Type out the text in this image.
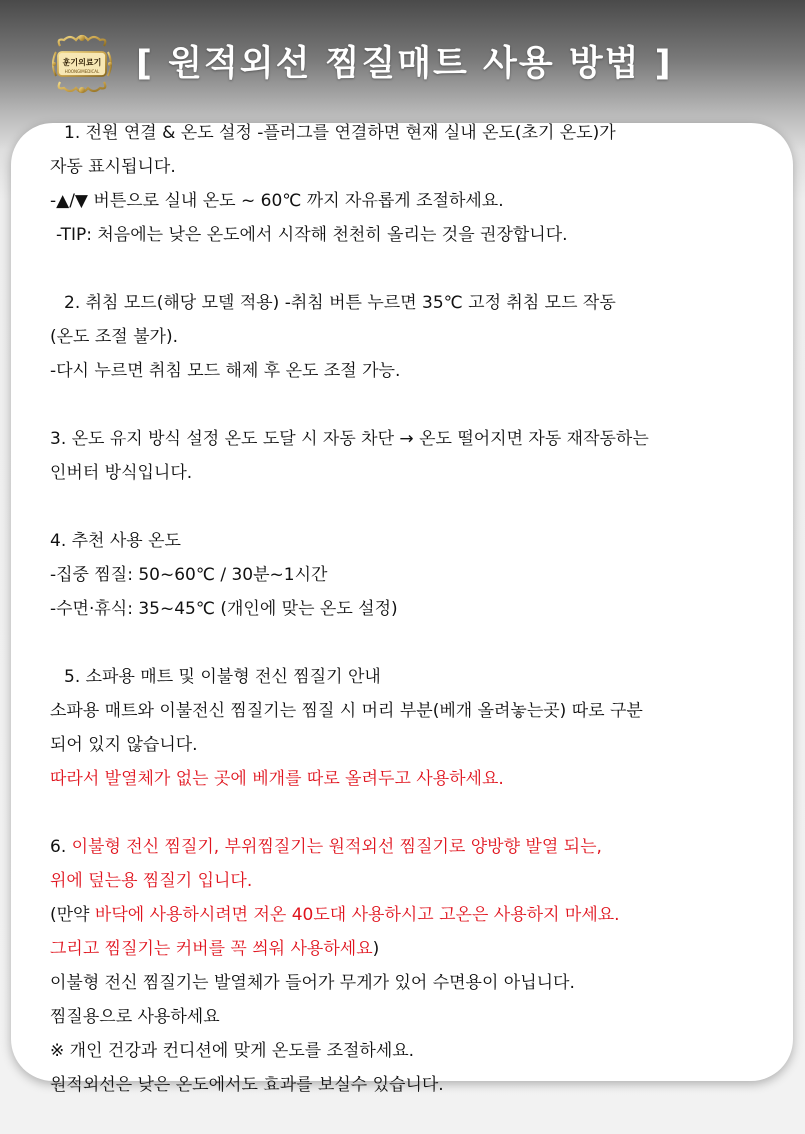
훈기의료기
HOONGIMEDICAL	[ 원적외선 찜질매트 사용 방법 ]
1. 전원 연결 & 온도 설정 -플러그를 연결하면 현재 실내 온도(초기 온도)가
자동 표시됩니다.
-▲/▼ 버튼으로 실내 온도 ~ 60℃ 까지 자유롭게 조절하세요.
-TIP: 처음에는 낮은 온도에서 시작해 천천히 올리는 것을 권장합니다.
2. 취침 모드(해당 모델 적용) -취침 버튼 누르면 35℃ 고정 취침 모드 작동
(온도 조절 불가).
-다시 누르면 취침 모드 해제 후 온도 조절 가능.
3. 온도 유지 방식 설정 온도 도달 시 자동 차단 → 온도 떨어지면 자동 재작동하는
인버터 방식입니다.
4. 추천 사용 온도
-집중 찜질: 50~60℃ / 30분~1시간
-수면·휴식: 35~45℃ (개인에 맞는 온도 설정)
5. 소파용 매트 및 이불형 전신 찜질기 안내
소파용 매트와 이불전신 찜질기는 찜질 시 머리 부분(베개 올려놓는곳) 따로 구분
되어 있지 않습니다.
따라서 발열체가 없는 곳에 베개를 따로 올려두고 사용하세요.
6. 이불형 전신 찜질기, 부위찜질기는 원적외선 찜질기로 양방향 발열 되는,
위에 덮는용 찜질기 입니다.
(만약 바닥에 사용하시려면 저온 40도대 사용하시고 고온은 사용하지 마세요.
그리고 찜질기는 커버를 꼭 씌워 사용하세요)
이불형 전신 찜질기는 발열체가 들어가 무게가 있어 수면용이 아닙니다.
찜질용으로 사용하세요
※ 개인 건강과 컨디션에 맞게 온도를 조절하세요.
원적외선은 낮은 온도에서도 효과를 보실수 있습니다.
